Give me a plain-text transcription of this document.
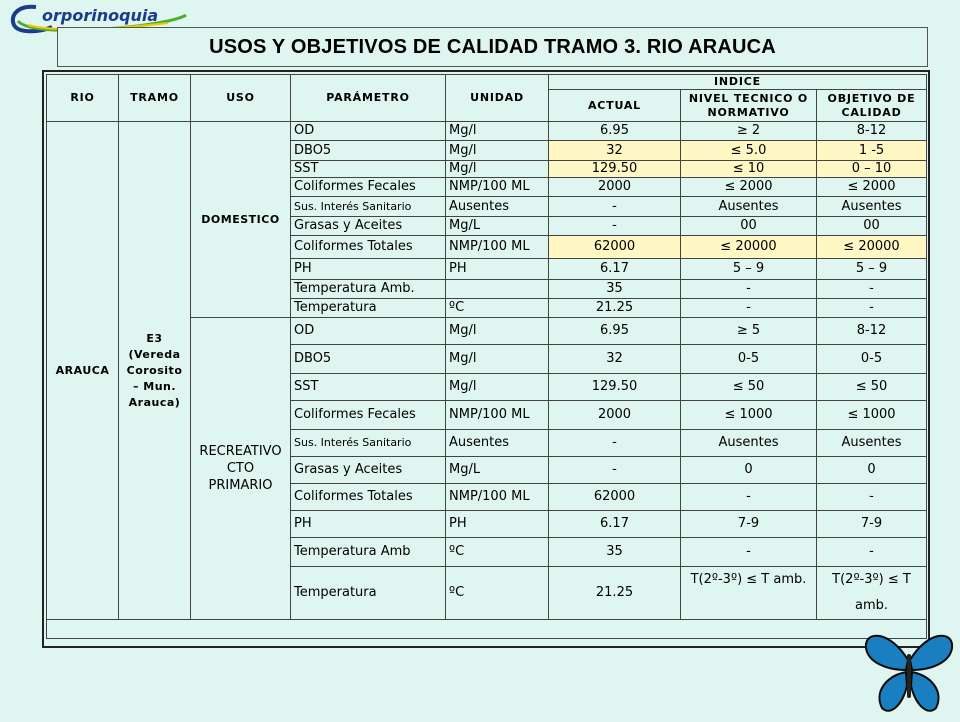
orporinoquia
USOS Y OBJETIVOS DE CALIDAD TRAMO 3. RIO ARAUCA
RIO	TRAMO	USO	PARÁMETRO	UNIDAD	INDICE		
					ACTUAL	NIVEL TECNICO O NORMATIVO	OBJETIVO DE CALIDAD
ARAUCA	E3 (Vereda Corosito – Mun. Arauca)	DOMESTICO	OD	Mg/l	6.95	≥ 2	8-12
			DBO5	Mg/l	32	≤ 5.0	1 -5
			SST	Mg/l	129.50	≤ 10	0 – 10
			Coliformes Fecales	NMP/100 ML	2000	≤ 2000	≤ 2000
			Sus. Interés Sanitario	Ausentes	-	Ausentes	Ausentes
			Grasas y Aceites	Mg/L	-	00	00
			Coliformes Totales	NMP/100 ML	62000	≤ 20000	≤ 20000
			PH	PH	6.17	5 – 9	5 – 9
			Temperatura Amb.		35	-	-
			Temperatura	ºC	21.25	-	-
		RECREATIVO CTO PRIMARIO	OD	Mg/l	6.95	≥ 5	8-12
			DBO5	Mg/l	32	0-5	0-5
			SST	Mg/l	129.50	≤ 50	≤ 50
			Coliformes Fecales	NMP/100 ML	2000	≤ 1000	≤ 1000
			Sus. Interés Sanitario	Ausentes	-	Ausentes	Ausentes
			Grasas y Aceites	Mg/L	-	0	0
			Coliformes Totales	NMP/100 ML	62000	-	-
			PH	PH	6.17	7-9	7-9
			Temperatura Amb	ºC	35	-	-
			Temperatura	ºC	21.25	T(2º-3º) ≤ T amb.	T(2º-3º) ≤ T amb.
